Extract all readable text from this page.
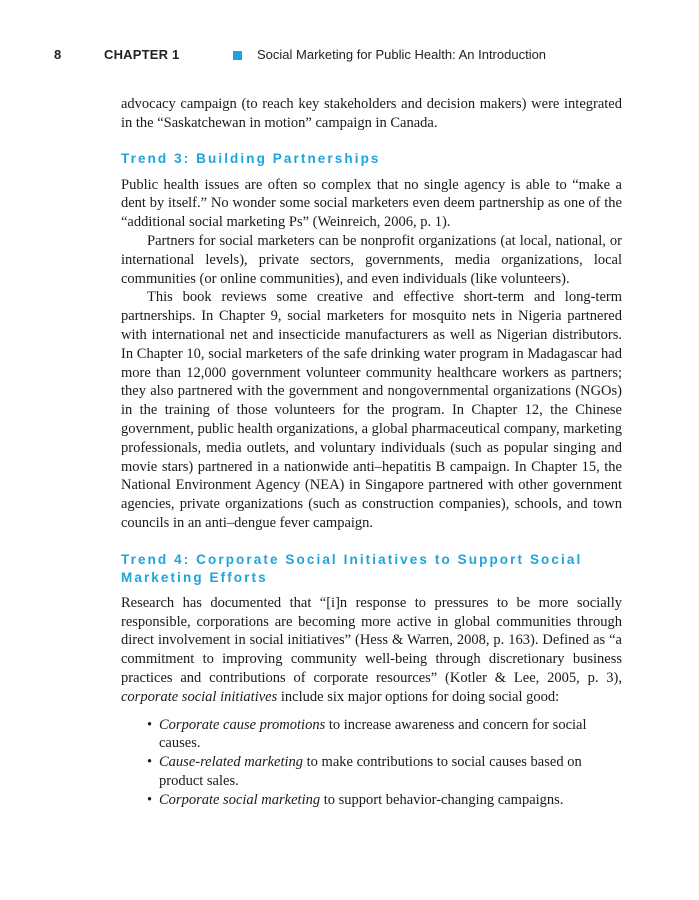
8	CHAPTER 1	Social Marketing for Public Health: An Introduction

advocacy campaign (to reach key stakeholders and decision makers) were integrated in the “Saskatchewan in motion” campaign in Canada.

Trend 3: Building Partnerships

Public health issues are often so complex that no single agency is able to “make a dent by itself.” No wonder some social marketers even deem partnership as one of the “additional social marketing Ps” (Weinreich, 2006, p. 1).

Partners for social marketers can be nonprofit organizations (at local, national, or international levels), private sectors, governments, media organizations, local communities (or online communities), and even individuals (like volunteers).

This book reviews some creative and effective short-term and long-term partnerships. In Chapter 9, social marketers for mosquito nets in Nigeria partnered with international net and insecticide manufacturers as well as Nigerian distributors. In Chapter 10, social marketers of the safe drinking water program in Madagascar had more than 12,000 government volunteer community healthcare workers as partners; they also partnered with the government and nongovernmental organizations (NGOs) in the training of those volunteers for the program. In Chapter 12, the Chinese government, public health organizations, a global pharmaceutical company, marketing professionals, media outlets, and voluntary individuals (such as popular singing and movie stars) partnered in a nationwide anti–hepatitis B campaign. In Chapter 15, the National Environment Agency (NEA) in Singapore partnered with other government agencies, private organizations (such as construction companies), schools, and town councils in an anti–dengue fever campaign.

Trend 4: Corporate Social Initiatives to Support Social
Marketing Efforts

Research has documented that “[i]n response to pressures to be more socially responsible, corporations are becoming more active in global communities through direct involvement in social initiatives” (Hess & Warren, 2008, p. 163). Defined as “a commitment to improving community well-being through discretionary business practices and contributions of corporate resources” (Kotler & Lee, 2005, p. 3), corporate social initiatives include six major options for doing social good:

• Corporate cause promotions to increase awareness and concern for social causes.
• Cause-related marketing to make contributions to social causes based on product sales.
• Corporate social marketing to support behavior-changing campaigns.
